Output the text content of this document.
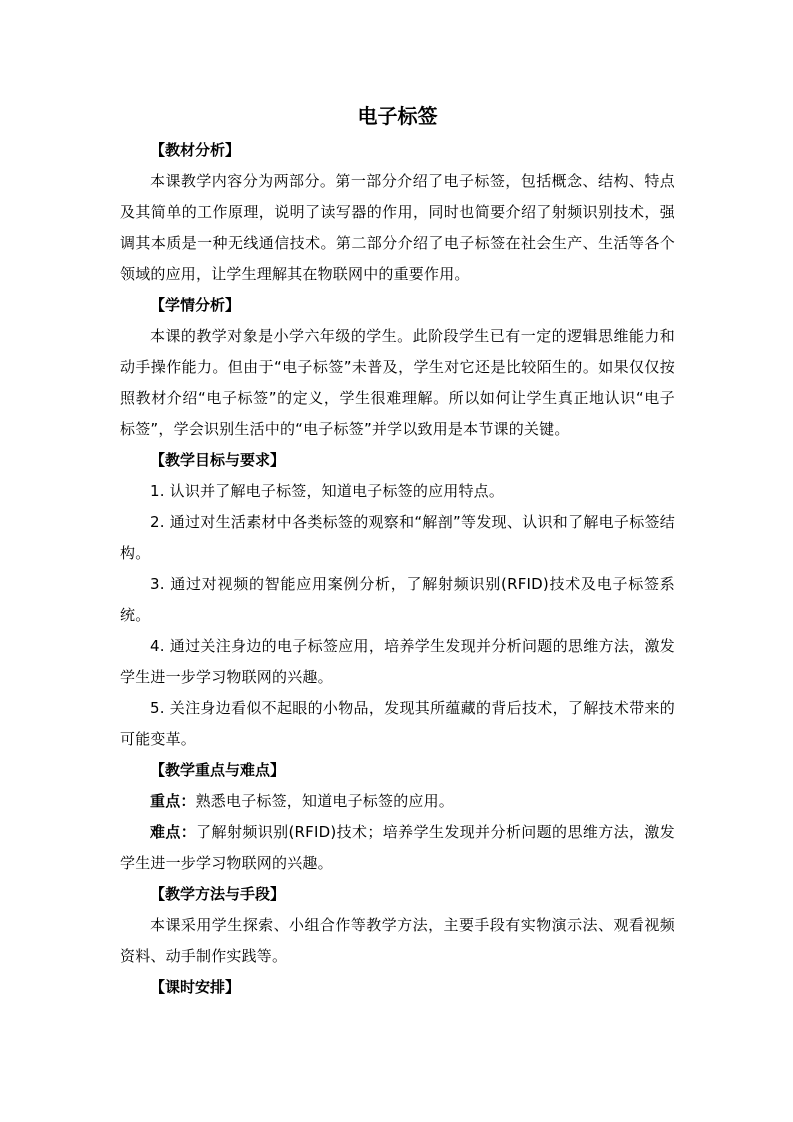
电子标签
【教材分析】

本课教学内容分为两部分。第一部分介绍了电子标签，包括概念、结构、特点及其简单的工作原理，说明了读写器的作用，同时也简要介绍了射频识别技术，强调其本质是一种无线通信技术。第二部分介绍了电子标签在社会生产、生活等各个领域的应用，让学生理解其在物联网中的重要作用。

【学情分析】

本课的教学对象是小学六年级的学生。此阶段学生已有一定的逻辑思维能力和动手操作能力。但由于“电子标签”未普及，学生对它还是比较陌生的。如果仅仅按照教材介绍“电子标签”的定义，学生很难理解。所以如何让学生真正地认识“电子标签”，学会识别生活中的“电子标签”并学以致用是本节课的关键。

【教学目标与要求】

1. 认识并了解电子标签，知道电子标签的应用特点。

2. 通过对生活素材中各类标签的观察和“解剖”等发现、认识和了解电子标签结构。

3. 通过对视频的智能应用案例分析，了解射频识别(RFID)技术及电子标签系统。

4. 通过关注身边的电子标签应用，培养学生发现并分析问题的思维方法，激发学生进一步学习物联网的兴趣。

5. 关注身边看似不起眼的小物品，发现其所蕴藏的背后技术，了解技术带来的可能变革。

【教学重点与难点】

重点：熟悉电子标签，知道电子标签的应用。

难点：了解射频识别(RFID)技术；培养学生发现并分析问题的思维方法，激发学生进一步学习物联网的兴趣。

【教学方法与手段】

本课采用学生探索、小组合作等教学方法，主要手段有实物演示法、观看视频资料、动手制作实践等。

【课时安排】
